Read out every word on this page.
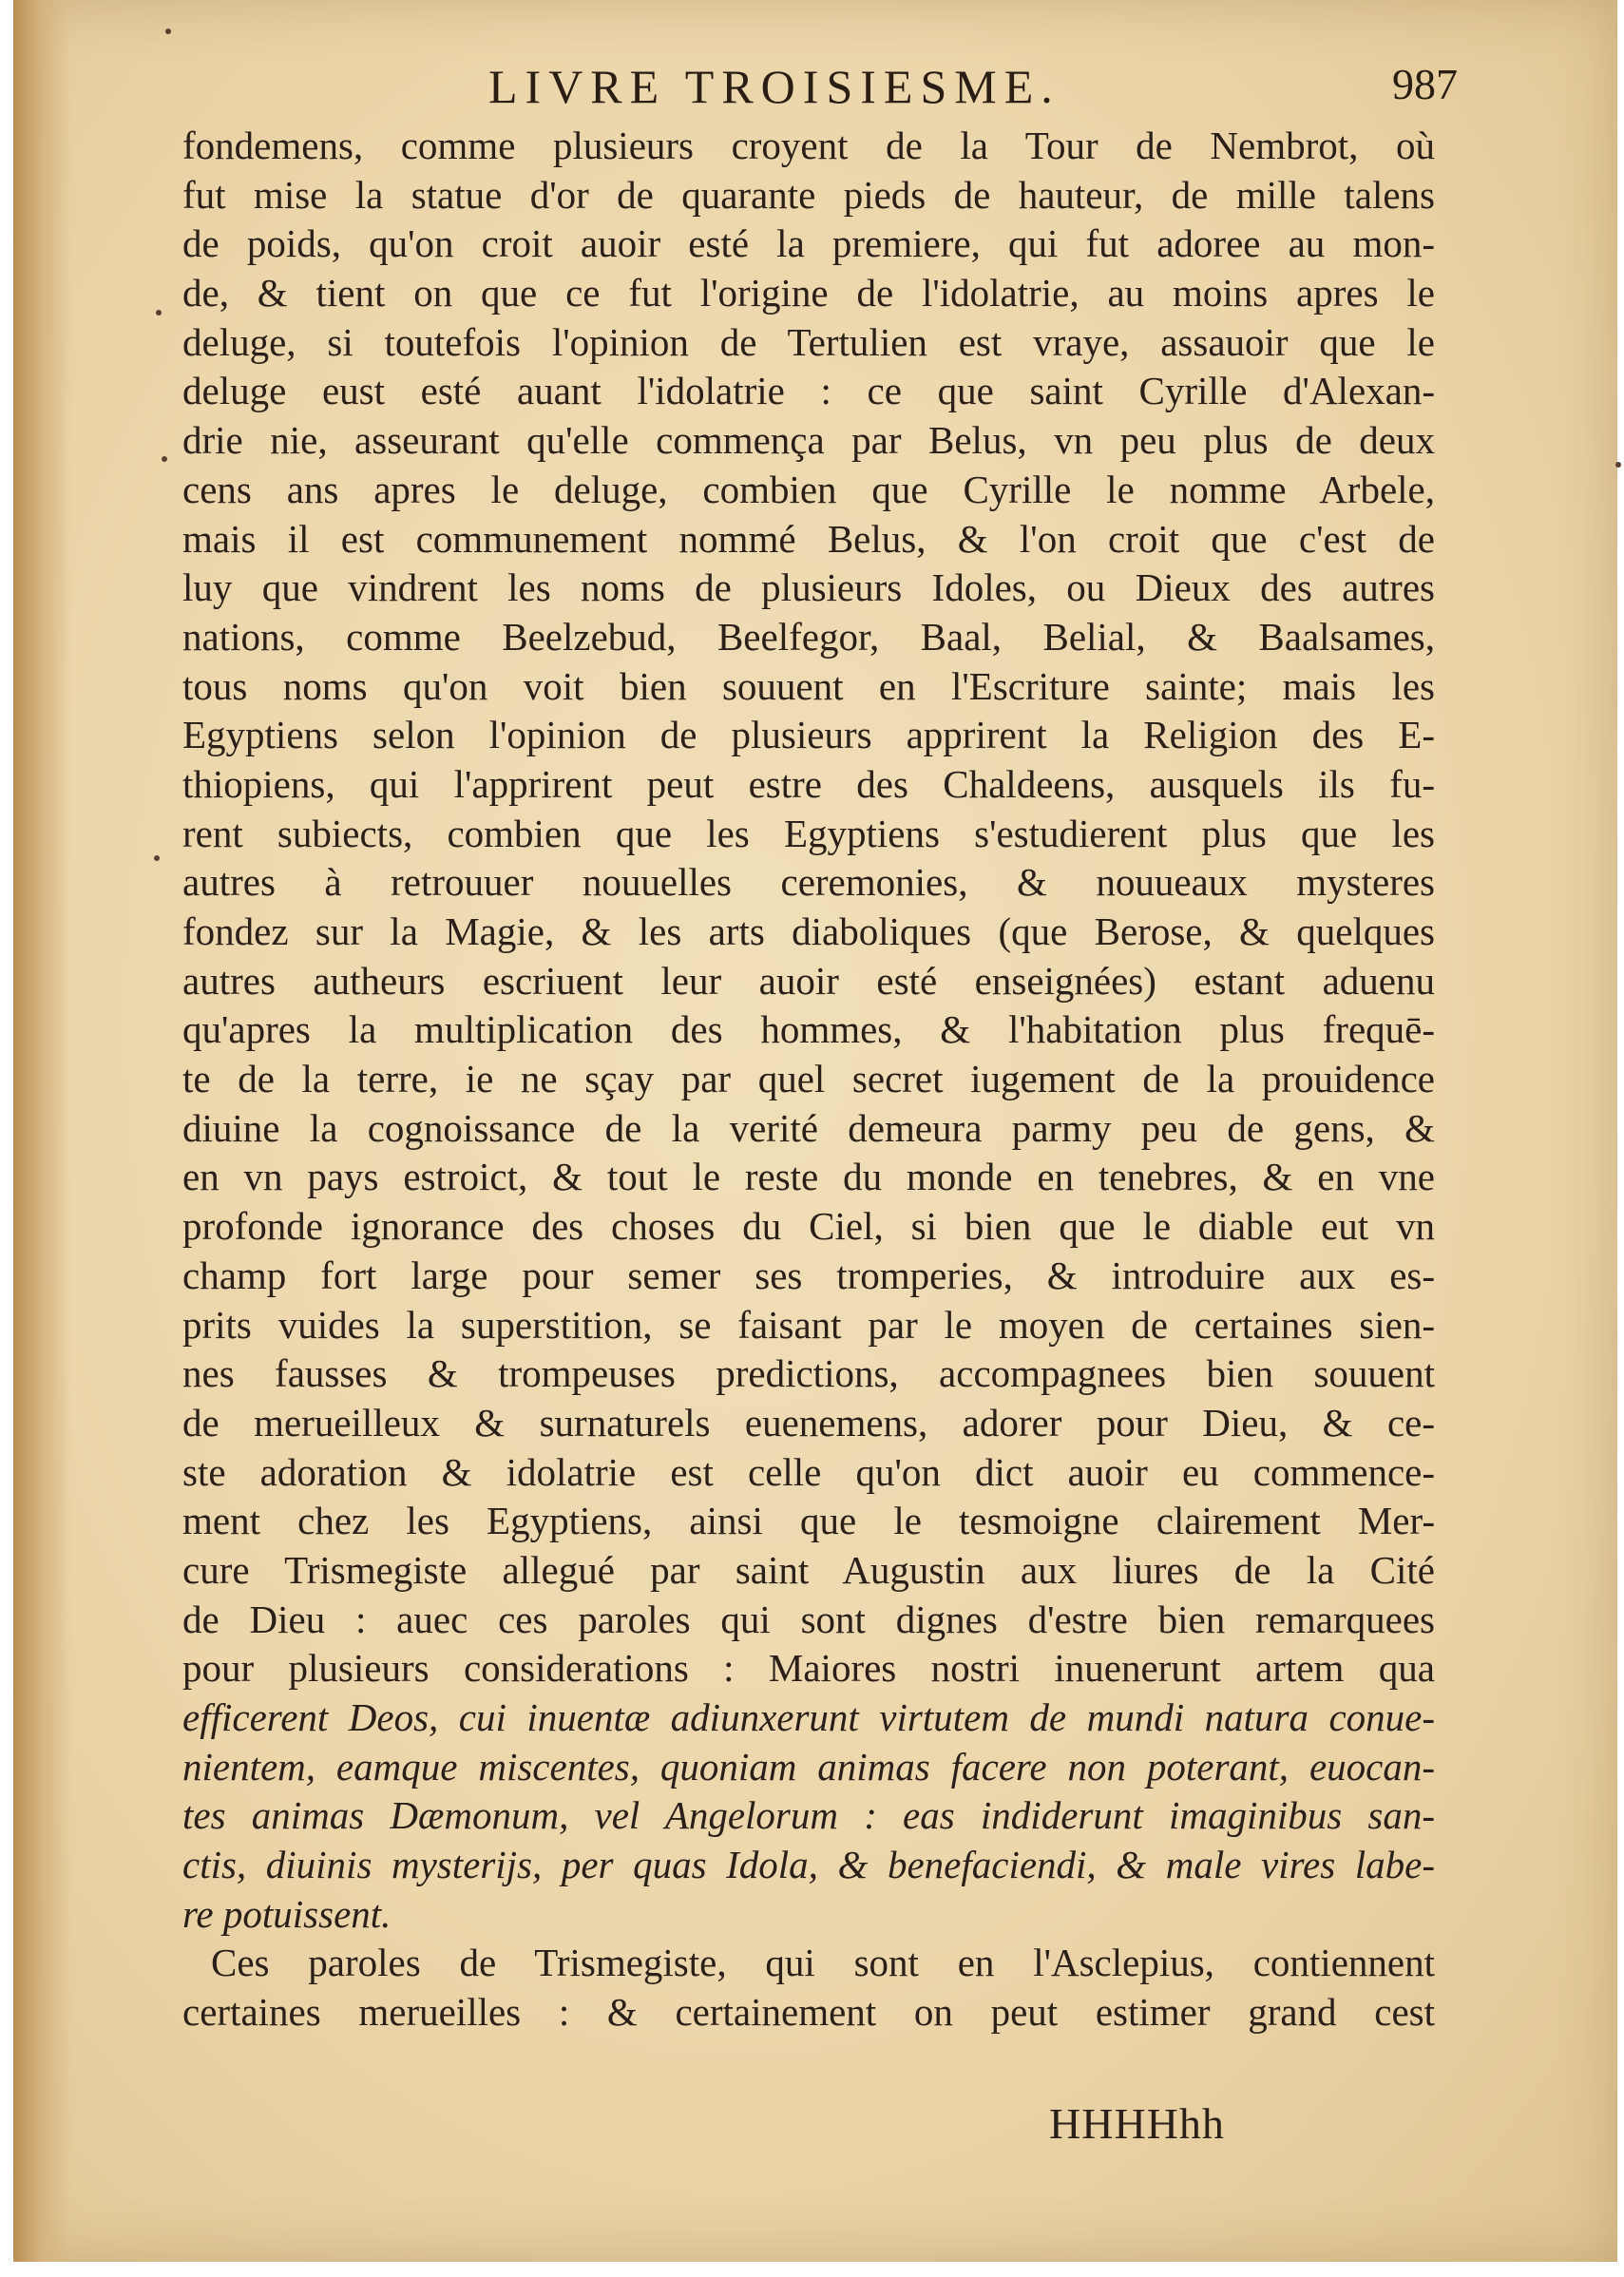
LIVRE TROISIESME.	987
fondemens, comme plusieurs croyent de la Tour de Nembrot, où
fut mise la statue d'or de quarante pieds de hauteur, de mille talens
de poids, qu'on croit auoir esté la premiere, qui fut adoree au mon-
de, & tient on que ce fut l'origine de l'idolatrie, au moins apres le
deluge, si toutefois l'opinion de Tertulien est vraye, assauoir que le
deluge eust esté auant l'idolatrie : ce que saint Cyrille d'Alexan-
drie nie, asseurant qu'elle commença par Belus, vn peu plus de deux
cens ans apres le deluge, combien que Cyrille le nomme Arbele,
mais il est communement nommé Belus, & l'on croit que c'est de
luy que vindrent les noms de plusieurs Idoles, ou Dieux des autres
nations, comme Beelzebud, Beelfegor, Baal, Belial, & Baalsames,
tous noms qu'on voit bien souuent en l'Escriture sainte; mais les
Egyptiens selon l'opinion de plusieurs apprirent la Religion des E-
thiopiens, qui l'apprirent peut estre des Chaldeens, ausquels ils fu-
rent subiects, combien que les Egyptiens s'estudierent plus que les
autres à retrouuer nouuelles ceremonies, & nouueaux mysteres
fondez sur la Magie, & les arts diaboliques (que Berose, & quelques
autres autheurs escriuent leur auoir esté enseignées) estant aduenu
qu'apres la multiplication des hommes, & l'habitation plus frequē-
te de la terre, ie ne sçay par quel secret iugement de la prouidence
diuine la cognoissance de la verité demeura parmy peu de gens, &
en vn pays estroict, & tout le reste du monde en tenebres, & en vne
profonde ignorance des choses du Ciel, si bien que le diable eut vn
champ fort large pour semer ses tromperies, & introduire aux es-
prits vuides la superstition, se faisant par le moyen de certaines sien-
nes fausses & trompeuses predictions, accompagnees bien souuent
de merueilleux & surnaturels euenemens, adorer pour Dieu, & ce-
ste adoration & idolatrie est celle qu'on dict auoir eu commence-
ment chez les Egyptiens, ainsi que le tesmoigne clairement Mer-
cure Trismegiste allegué par saint Augustin aux liures de la Cité
de Dieu : auec ces paroles qui sont dignes d'estre bien remarquees
pour plusieurs considerations : Maiores nostri inuenerunt artem qua
efficerent Deos, cui inuentæ adiunxerunt virtutem de mundi natura conue-
nientem, eamque miscentes, quoniam animas facere non poterant, euocan-
tes animas Dæmonum, vel Angelorum : eas indiderunt imaginibus san-
ctis, diuinis mysterijs, per quas Idola, & benefaciendi, & male vires labe-
re potuissent.
Ces paroles de Trismegiste, qui sont en l'Asclepius, contiennent
certaines merueilles : & certainement on peut estimer grand cest
HHHHhh
